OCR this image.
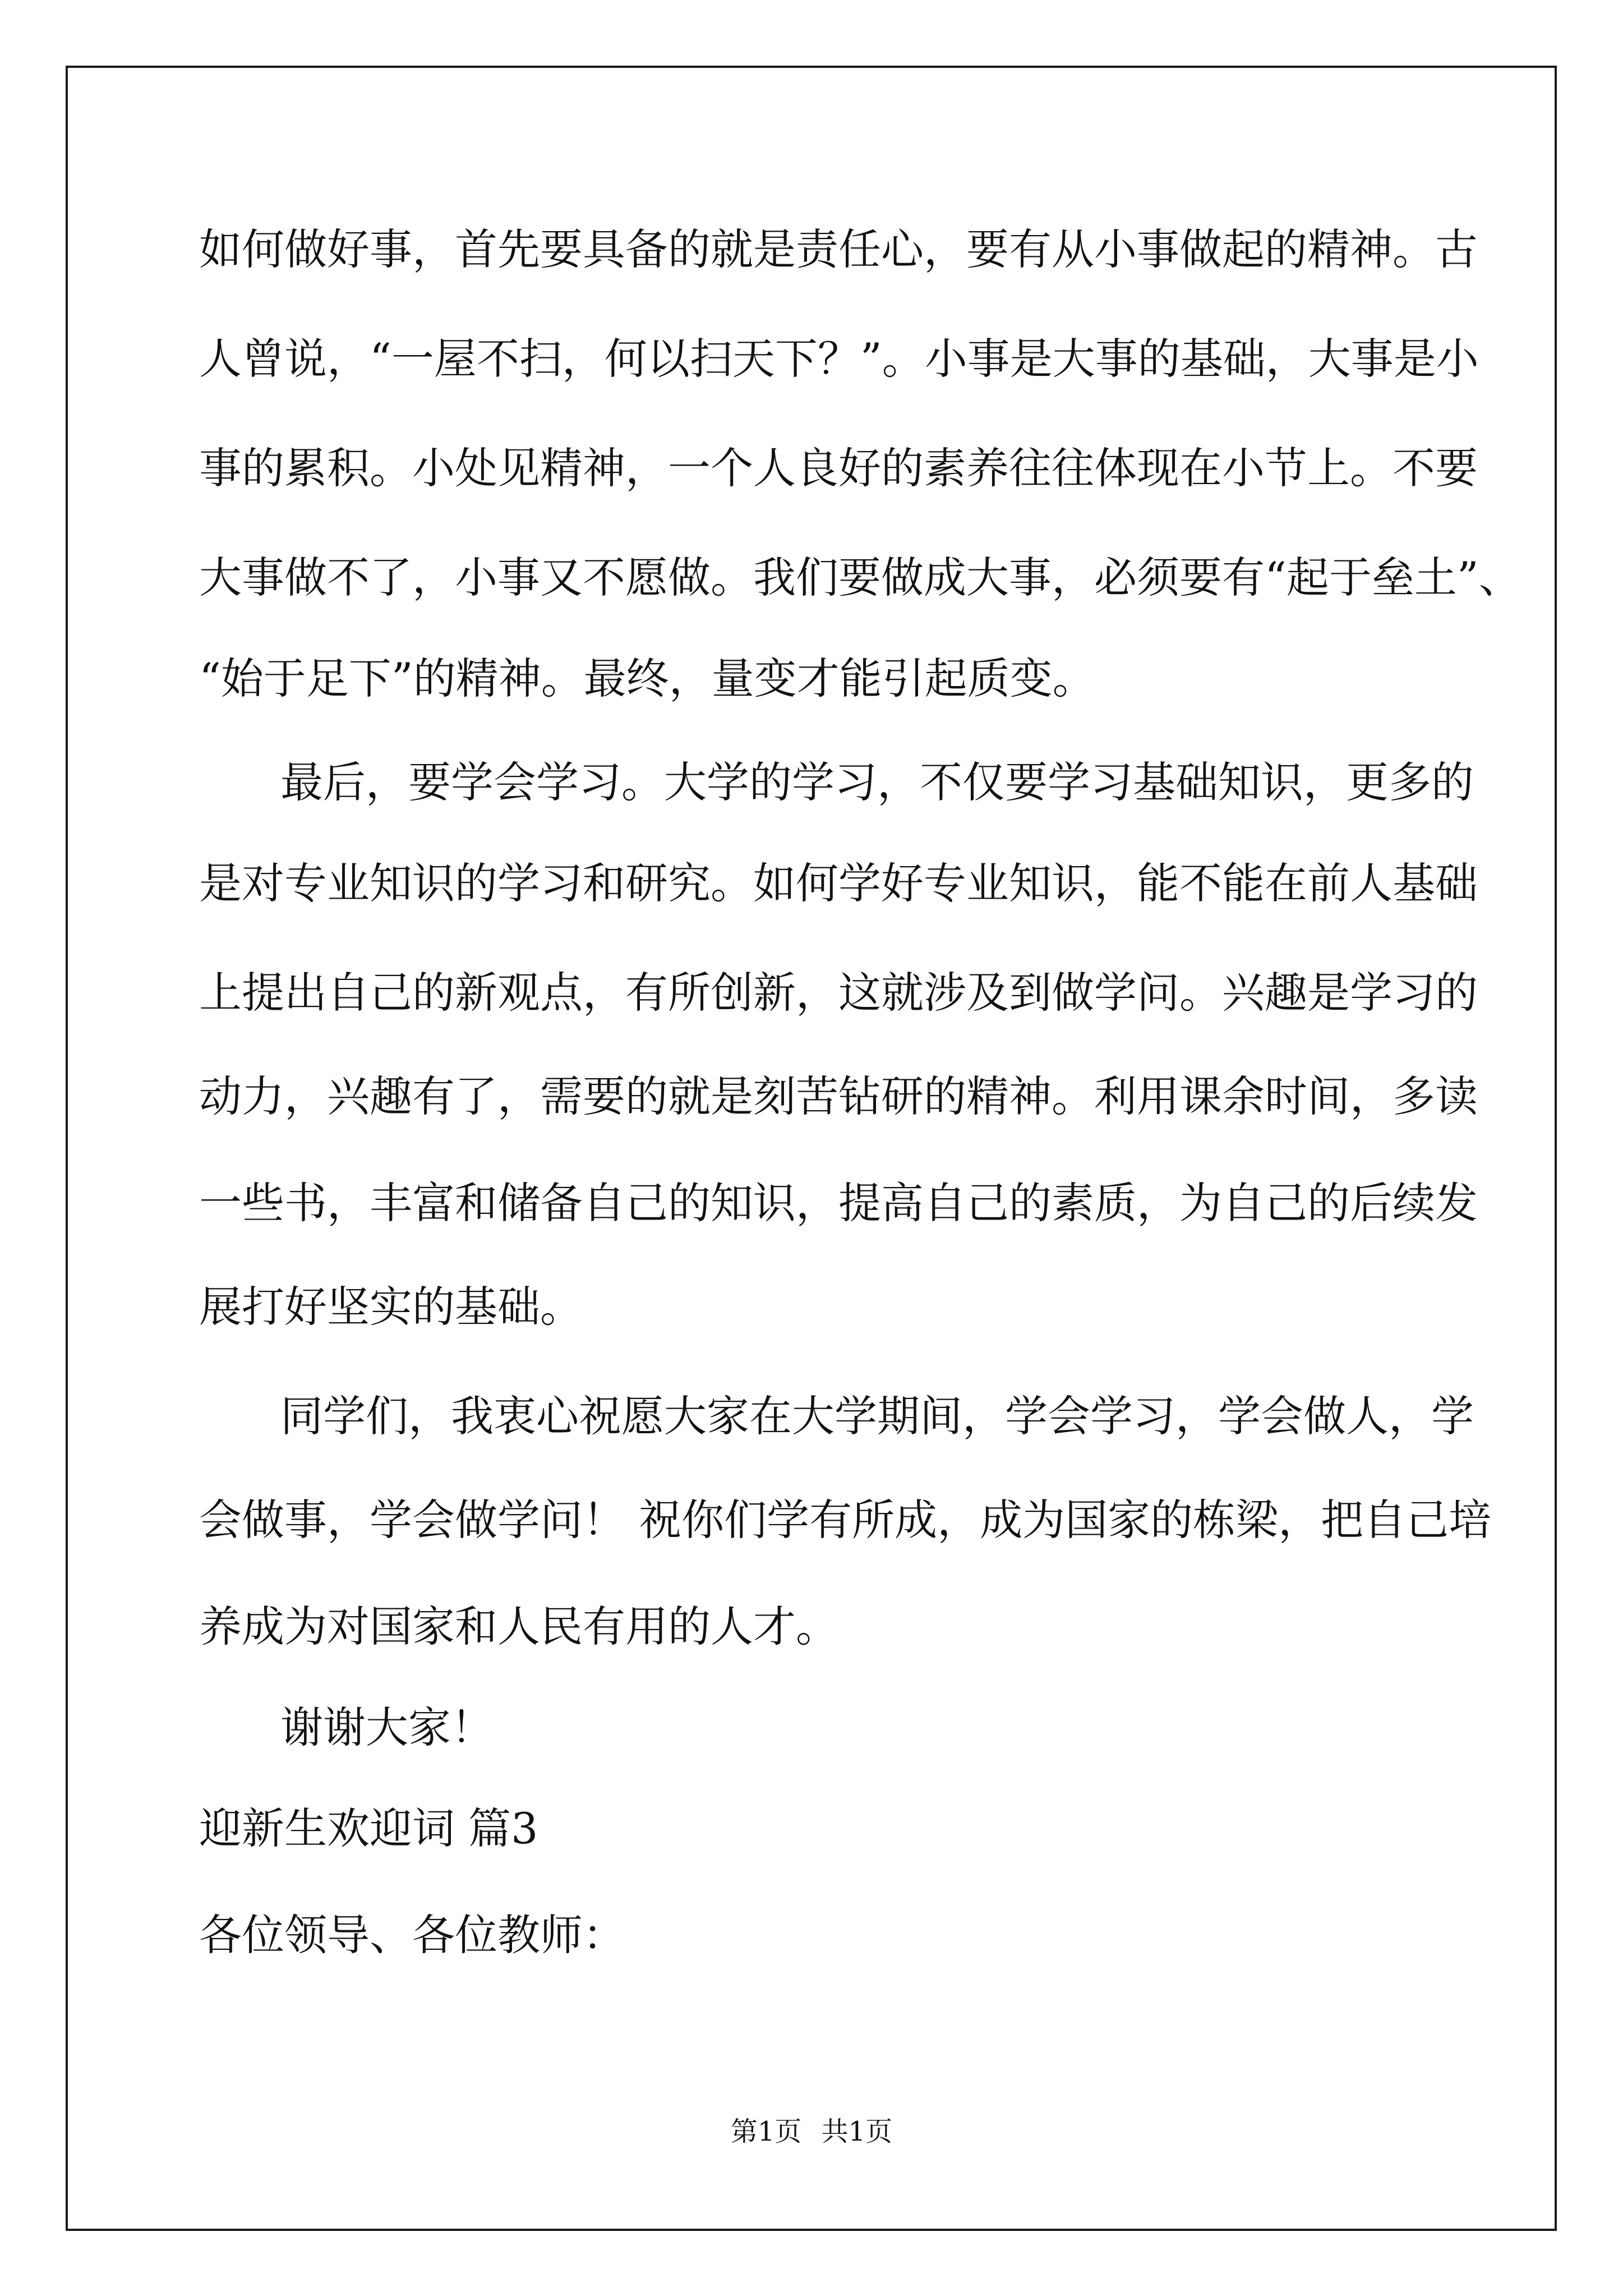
如何做好事，首先要具备的就是责任心，要有从小事做起的精神。古
人曾说，“一屋不扫，何以扫天下？”。小事是大事的基础，大事是小
事的累积。小处见精神，一个人良好的素养往往体现在小节上。不要
大事做不了，小事又不愿做。我们要做成大事，必须要有“起于垒土”、
“始于足下”的精神。最终，量变才能引起质变。
最后，要学会学习。大学的学习，不仅要学习基础知识，更多的
是对专业知识的学习和研究。如何学好专业知识，能不能在前人基础
上提出自己的新观点，有所创新，这就涉及到做学问。兴趣是学习的
动力，兴趣有了，需要的就是刻苦钻研的精神。利用课余时间，多读
一些书，丰富和储备自己的知识，提高自己的素质，为自己的后续发
展打好坚实的基础。
同学们，我衷心祝愿大家在大学期间，学会学习，学会做人，学
会做事，学会做学问！ 祝你们学有所成，成为国家的栋梁，把自己培
养成为对国家和人民有用的人才。
谢谢大家！
迎新生欢迎词 篇3
各位领导、各位教师：
第1页 共1页
